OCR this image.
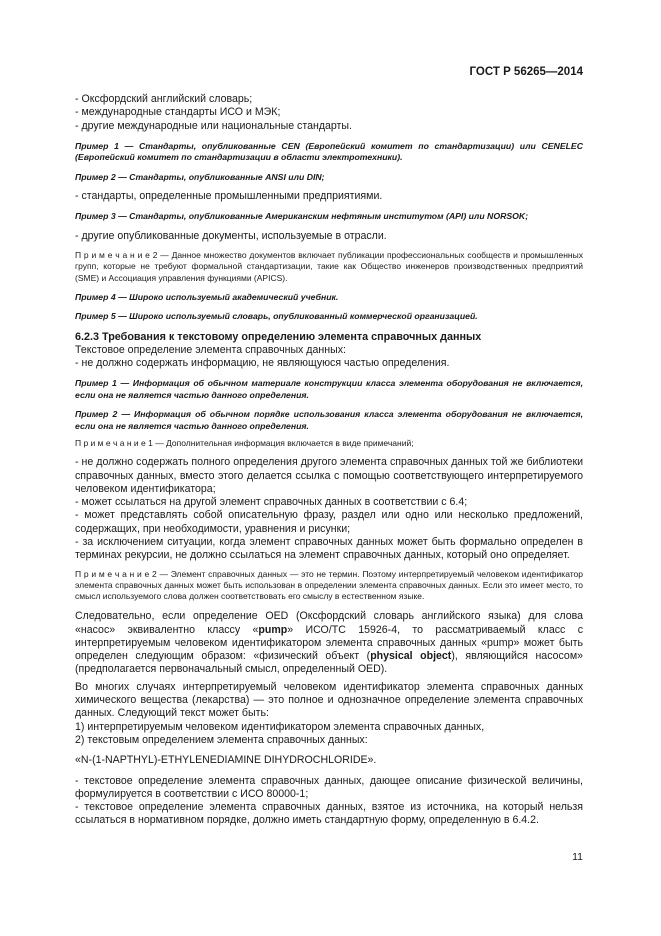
ГОСТ Р 56265—2014

- Оксфордский английский словарь;

- международные стандарты ИСО и МЭК;

- другие международные или национальные стандарты.

Пример 1 — Стандарты, опубликованные CEN (Европейский комитет по стандартизации) или CENELEC (Европейский комитет по стандартизации в области электротехники).

Пример 2 — Стандарты, опубликованные ANSI или DIN;

- стандарты, определенные промышленными предприятиями.

Пример 3 — Стандарты, опубликованные Американским нефтяным институтом (API) или NORSOK;

- другие опубликованные документы, используемые в отрасли.

П р и м е ч а н и е 2 — Данное множество документов включает публикации профессиональных сообществ и промышленных групп, которые не требуют формальной стандартизации, такие как Общество инженеров производственных предприятий (SME) и Ассоциация управления функциями (APICS).

Пример 4 — Широко используемый академический учебник.

Пример 5 — Широко используемый словарь, опубликованный коммерческой организацией.

6.2.3 Требования к текстовому определению элемента справочных данных

Текстовое определение элемента справочных данных:

- не должно содержать информацию, не являющуюся частью определения.

Пример 1 — Информация об обычном материале конструкции класса элемента оборудования не включается, если она не является частью данного определения.

Пример 2 — Информация об обычном порядке использования класса элемента оборудования не включается, если она не является частью данного определения.

П р и м е ч а н и е 1 — Дополнительная информация включается в виде примечаний;

- не должно содержать полного определения другого элемента справочных данных той же библиотеки справочных данных, вместо этого делается ссылка с помощью соответствующего интерпретируемого человеком идентификатора;

- может ссылаться на другой элемент справочных данных в соответствии с 6.4;

- может представлять собой описательную фразу, раздел или одно или несколько предложений, содержащих, при необходимости, уравнения и рисунки;

- за исключением ситуации, когда элемент справочных данных может быть формально определен в терминах рекурсии, не должно ссылаться на элемент справочных данных, который оно определяет.

П р и м е ч а н и е 2 — Элемент справочных данных — это не термин. Поэтому интерпретируемый человеком идентификатор элемента справочных данных может быть использован в определении элемента справочных данных. Если это имеет место, то смысл используемого слова должен соответствовать его смыслу в естественном языке.

Следовательно, если определение OED (Оксфордский словарь английского языка) для слова «насос» эквивалентно классу «pump» ИСО/ТС 15926-4, то рассматриваемый класс с интерпретируемым человеком идентификатором элемента справочных данных «pump» может быть определен следующим образом: «физический объект (physical object), являющийся насосом» (предполагается первоначальный смысл, определенный OED).

Во многих случаях интерпретируемый человеком идентификатор элемента справочных данных химического вещества (лекарства) — это полное и однозначное определение элемента справочных данных. Следующий текст может быть:

1) интерпретируемым человеком идентификатором элемента справочных данных,

2) текстовым определением элемента справочных данных:

«N-(1-NAPTHYL)-ETHYLENEDIAMINE DIHYDROCHLORIDE».

- текстовое определение элемента справочных данных, дающее описание физической величины, формулируется в соответствии с ИСО 80000-1;

- текстовое определение элемента справочных данных, взятое из источника, на который нельзя ссылаться в нормативном порядке, должно иметь стандартную форму, определенную в 6.4.2.

11
